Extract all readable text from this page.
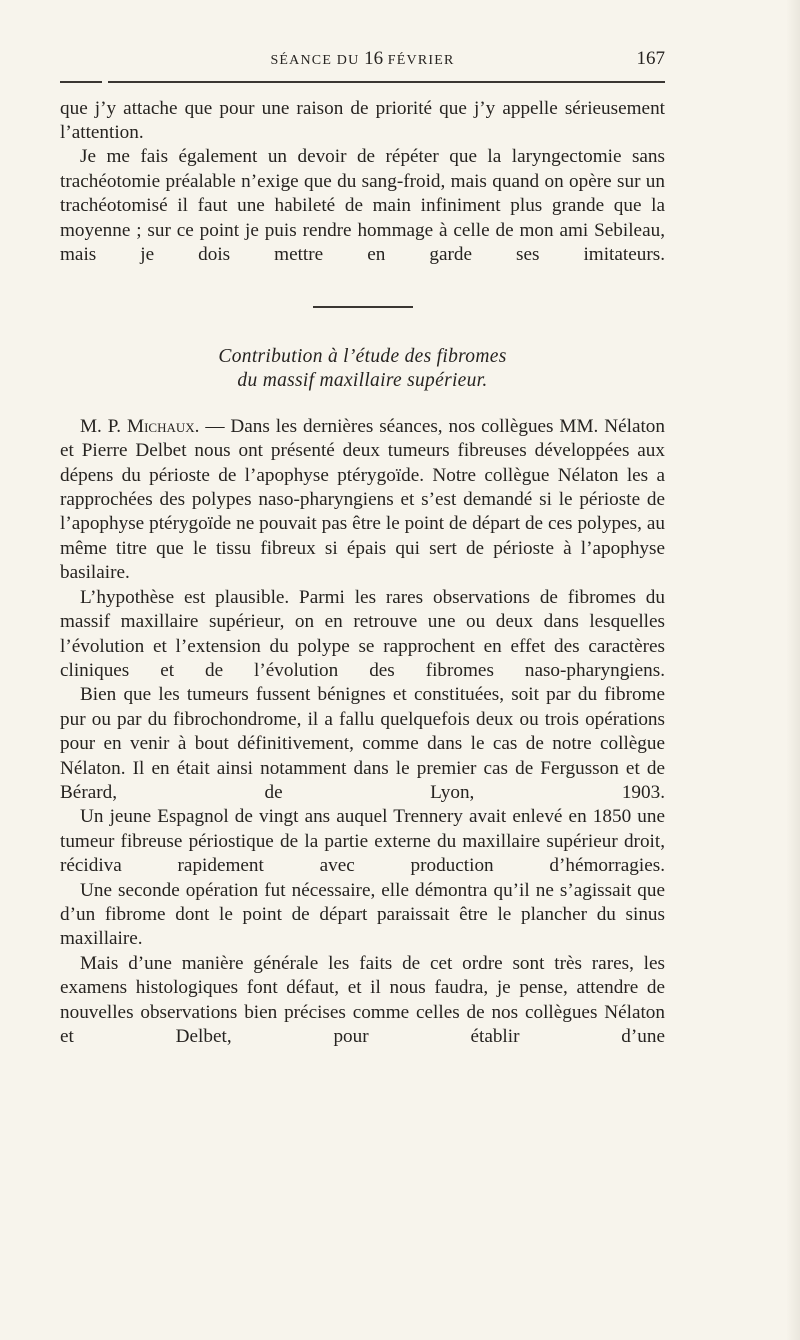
SÉANCE DU 16 FÉVRIER	167

que j’y attache que pour une raison de priorité que j’y appelle sérieusement l’attention.

Je me fais également un devoir de répéter que la laryngectomie sans trachéotomie préalable n’exige que du sang-froid, mais quand on opère sur un trachéotomisé il faut une habileté de main infiniment plus grande que la moyenne ; sur ce point je puis rendre hommage à celle de mon ami Sebileau, mais je dois mettre en garde ses imitateurs.

Contribution à l’étude des fibromes
du massif maxillaire supérieur.

M. P. Michaux. — Dans les dernières séances, nos collègues MM. Nélaton et Pierre Delbet nous ont présenté deux tumeurs fibreuses développées aux dépens du périoste de l’apophyse ptérygoïde. Notre collègue Nélaton les a rapprochées des polypes naso-pharyngiens et s’est demandé si le périoste de l’apophyse ptérygoïde ne pouvait pas être le point de départ de ces polypes, au même titre que le tissu fibreux si épais qui sert de périoste à l’apophyse basilaire.

L’hypothèse est plausible. Parmi les rares observations de fibromes du massif maxillaire supérieur, on en retrouve une ou deux dans lesquelles l’évolution et l’extension du polype se rapprochent en effet des caractères cliniques et de l’évolution des fibromes naso-pharyngiens.

Bien que les tumeurs fussent bénignes et constituées, soit par du fibrome pur ou par du fibrochondrome, il a fallu quelquefois deux ou trois opérations pour en venir à bout définitivement, comme dans le cas de notre collègue Nélaton. Il en était ainsi notamment dans le premier cas de Fergusson et de Bérard, de Lyon, 1903.

Un jeune Espagnol de vingt ans auquel Trennery avait enlevé en 1850 une tumeur fibreuse périostique de la partie externe du maxillaire supérieur droit, récidiva rapidement avec production d’hémorragies.

Une seconde opération fut nécessaire, elle démontra qu’il ne s’agissait que d’un fibrome dont le point de départ paraissait être le plancher du sinus maxillaire.

Mais d’une manière générale les faits de cet ordre sont très rares, les examens histologiques font défaut, et il nous faudra, je pense, attendre de nouvelles observations bien précises comme celles de nos collègues Nélaton et Delbet, pour établir d’une
